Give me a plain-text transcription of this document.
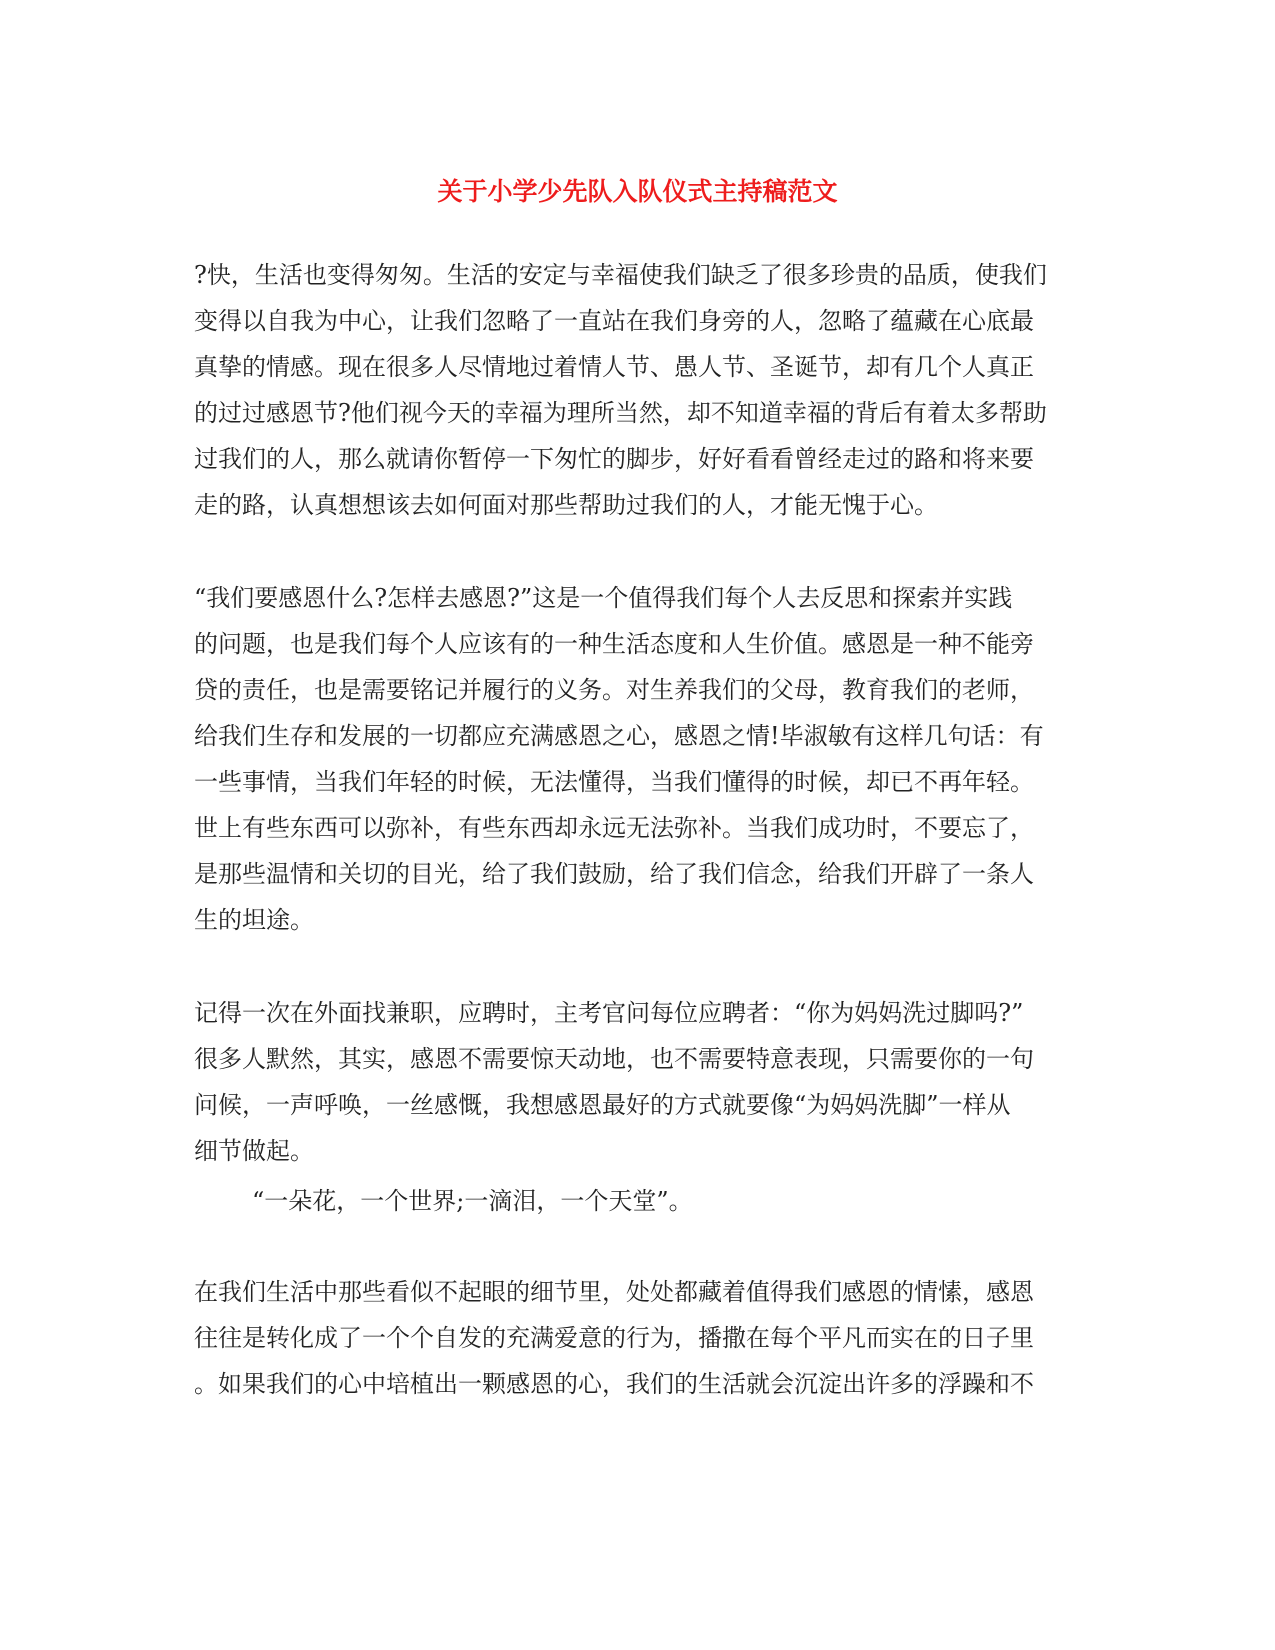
关于小学少先队入队仪式主持稿范文
?快，生活也变得匆匆。生活的安定与幸福使我们缺乏了很多珍贵的品质，使我们
变得以自我为中心，让我们忽略了一直站在我们身旁的人，忽略了蕴藏在心底最
真挚的情感。现在很多人尽情地过着情人节、愚人节、圣诞节，却有几个人真正
的过过感恩节?他们视今天的幸福为理所当然，却不知道幸福的背后有着太多帮助
过我们的人，那么就请你暂停一下匆忙的脚步，好好看看曾经走过的路和将来要
走的路，认真想想该去如何面对那些帮助过我们的人，才能无愧于心。
“我们要感恩什么?怎样去感恩?”这是一个值得我们每个人去反思和探索并实践
的问题，也是我们每个人应该有的一种生活态度和人生价值。感恩是一种不能旁
贷的责任，也是需要铭记并履行的义务。对生养我们的父母，教育我们的老师，
给我们生存和发展的一切都应充满感恩之心，感恩之情!毕淑敏有这样几句话：有
一些事情，当我们年轻的时候，无法懂得，当我们懂得的时候，却已不再年轻。
世上有些东西可以弥补，有些东西却永远无法弥补。当我们成功时，不要忘了，
是那些温情和关切的目光，给了我们鼓励，给了我们信念，给我们开辟了一条人
生的坦途。
记得一次在外面找兼职，应聘时，主考官问每位应聘者：“你为妈妈洗过脚吗?”
很多人默然，其实，感恩不需要惊天动地，也不需要特意表现，只需要你的一句
问候，一声呼唤，一丝感慨，我想感恩最好的方式就要像“为妈妈洗脚”一样从
细节做起。
“一朵花，一个世界;一滴泪，一个天堂”。
在我们生活中那些看似不起眼的细节里，处处都藏着值得我们感恩的情愫，感恩
往往是转化成了一个个自发的充满爱意的行为，播撒在每个平凡而实在的日子里
。如果我们的心中培植出一颗感恩的心，我们的生活就会沉淀出许多的浮躁和不
